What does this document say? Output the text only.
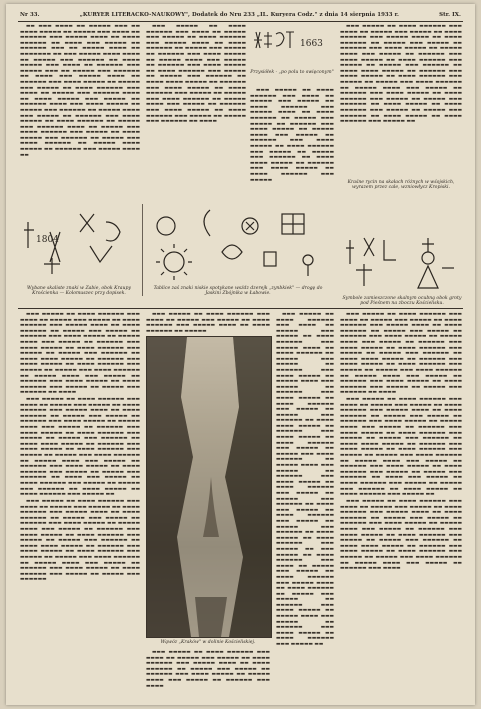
Nr 33.	„KURYER LITERACKO-NAUKOWY", Dodatek do Nru 233 „IL. Kuryera Codz." z dnia 14 sierpnia 1933 r.	Str. IX.

▬▬ ▬▬▬ ▬▬▬▬ ▬▬ ▬▬▬▬▬ ▬▬▬ ▬▬ ▬▬▬▬ ▬▬▬▬▬ ▬▬ ▬▬▬▬▬ ▬▬▬ ▬▬▬▬ ▬▬ ▬▬▬▬▬▬ ▬▬▬ ▬▬▬▬▬ ▬▬▬▬ ▬▬ ▬▬▬▬ ▬▬▬▬▬▬ ▬▬ ▬▬▬▬ ▬▬▬ ▬▬▬▬▬ ▬▬ ▬▬▬▬▬▬ ▬▬▬ ▬▬ ▬▬▬▬▬ ▬▬▬▬ ▬▬ ▬▬▬▬▬▬▬ ▬▬ ▬▬▬ ▬▬▬▬▬ ▬▬▬▬ ▬▬▬▬ ▬▬ ▬▬▬▬▬ ▬▬▬ ▬▬▬▬▬▬ ▬▬ ▬▬▬▬ ▬▬▬▬▬ ▬▬▬ ▬▬▬▬ ▬▬ ▬▬▬▬▬▬ ▬▬▬ ▬▬▬▬▬ ▬▬▬ ▬▬ ▬▬▬▬▬ ▬▬▬ ▬▬▬▬▬▬ ▬▬ ▬▬▬▬ ▬▬▬ ▬▬▬▬▬ ▬▬▬▬ ▬▬ ▬▬▬▬▬▬ ▬▬▬ ▬▬▬▬ ▬▬▬▬▬ ▬▬ ▬▬▬▬▬ ▬▬▬ ▬▬▬▬▬ ▬▬ ▬▬▬▬ ▬▬▬▬▬▬ ▬▬▬ ▬▬▬▬ ▬▬ ▬▬▬▬▬ ▬▬▬ ▬▬▬▬▬▬ ▬▬▬▬ ▬▬ ▬▬▬▬ ▬▬▬▬▬ ▬▬▬ ▬▬▬▬▬ ▬▬ ▬▬▬▬▬▬ ▬▬▬▬ ▬▬▬ ▬▬▬▬ ▬▬▬▬▬ ▬▬ ▬▬▬▬▬ ▬▬▬ ▬▬▬▬▬▬ ▬▬ ▬▬▬▬▬ ▬▬▬▬ ▬▬▬ ▬▬▬▬▬ ▬▬ ▬▬▬▬▬▬ ▬▬▬ ▬▬▬▬ ▬▬▬▬▬ ▬▬ ▬▬▬▬ ▬▬▬▬▬▬ ▬▬ ▬▬▬▬▬ ▬▬▬ ▬▬▬▬▬▬ ▬▬▬▬ ▬▬ ▬▬▬▬▬ ▬▬▬ ▬▬▬▬ ▬▬▬▬▬▬ ▬▬▬ ▬▬▬▬▬ ▬▬ ▬▬▬▬ ▬▬▬▬▬ ▬▬▬ ▬▬▬▬▬▬ ▬▬ ▬▬▬▬▬ ▬▬▬ ▬▬▬▬ ▬▬▬▬▬▬ ▬▬ ▬▬▬▬▬ ▬▬▬▬ ▬▬▬▬▬ ▬▬ ▬▬▬▬▬▬ ▬▬▬ ▬▬▬▬▬ ▬▬▬▬ ▬▬

▬▬▬ ▬▬▬▬▬ ▬▬ ▬▬▬▬ ▬▬▬▬▬▬ ▬▬▬ ▬▬▬▬ ▬▬ ▬▬▬▬▬ ▬▬▬ ▬▬▬▬▬ ▬▬ ▬▬▬▬ ▬▬▬▬▬▬ ▬▬▬ ▬▬▬▬▬ ▬▬▬▬ ▬▬ ▬▬▬▬ ▬▬▬▬▬▬ ▬▬ ▬▬▬▬▬ ▬▬▬ ▬▬▬▬▬ ▬▬ ▬▬▬▬▬▬ ▬▬▬ ▬▬▬▬ ▬▬▬▬▬ ▬▬ ▬▬▬▬▬ ▬▬▬▬ ▬▬▬ ▬▬▬▬▬ ▬▬ ▬▬▬▬▬▬ ▬▬▬ ▬▬▬▬ ▬▬▬▬▬ ▬▬ ▬▬▬▬ ▬▬▬▬▬▬ ▬▬▬ ▬▬▬▬▬ ▬▬ ▬▬▬▬▬ ▬▬▬ ▬▬▬▬▬▬ ▬▬ ▬▬▬▬ ▬▬▬▬ ▬▬▬▬▬ ▬▬ ▬▬▬▬▬▬ ▬▬▬ ▬▬▬▬ ▬▬▬▬▬ ▬▬ ▬▬▬▬ ▬▬▬▬▬▬ ▬▬▬ ▬▬▬▬▬ ▬▬ ▬▬▬▬▬ ▬▬▬ ▬▬▬▬ ▬▬▬▬▬▬ ▬▬ ▬▬▬▬▬ ▬▬▬▬ ▬▬▬ ▬▬▬▬▬ ▬▬ ▬▬▬▬▬▬ ▬▬▬ ▬▬▬▬ ▬▬▬▬▬ ▬▬ ▬▬▬▬ ▬▬▬▬▬▬ ▬▬▬ ▬▬▬▬▬ ▬▬ ▬▬▬▬▬ ▬▬▬ ▬▬▬▬▬▬ ▬▬ ▬▬▬▬

▬▬▬ ▬▬▬▬▬ ▬▬ ▬▬▬▬ ▬▬▬▬▬▬ ▬▬▬ ▬▬▬▬ ▬▬ ▬▬▬▬▬ ▬▬▬ ▬▬▬▬▬ ▬▬ ▬▬▬▬ ▬▬▬▬▬▬ ▬▬▬ ▬▬▬▬▬ ▬▬▬▬ ▬▬ ▬▬▬▬ ▬▬▬▬▬▬ ▬▬ ▬▬▬▬▬ ▬▬▬ ▬▬▬▬▬ ▬▬ ▬▬▬▬▬▬ ▬▬▬ ▬▬▬▬ ▬▬▬▬▬ ▬▬ ▬▬▬▬▬ ▬▬▬▬ ▬▬▬ ▬▬▬▬▬ ▬▬ ▬▬▬▬▬▬ ▬▬▬ ▬▬▬▬ ▬▬▬▬▬ ▬▬ ▬▬▬▬ ▬▬▬▬▬▬ ▬▬▬ ▬▬▬▬▬ ▬▬ ▬▬▬▬▬ ▬▬▬ ▬▬▬▬▬▬ ▬▬ ▬▬▬▬ ▬▬▬▬ ▬▬▬▬▬ ▬▬ ▬▬▬▬▬▬ ▬▬▬ ▬▬▬▬ ▬▬▬▬▬ ▬▬ ▬▬▬▬ ▬▬▬▬▬▬ ▬▬▬ ▬▬▬▬▬

▬▬▬ ▬▬▬▬▬ ▬▬ ▬▬▬▬ ▬▬▬▬▬▬ ▬▬▬ ▬▬▬▬ ▬▬ ▬▬▬▬▬ ▬▬▬ ▬▬▬▬▬ ▬▬ ▬▬▬▬ ▬▬▬▬▬▬ ▬▬▬ ▬▬▬▬▬ ▬▬▬▬ ▬▬ ▬▬▬▬ ▬▬▬▬▬▬ ▬▬ ▬▬▬▬▬ ▬▬▬ ▬▬▬▬▬ ▬▬ ▬▬▬▬▬▬ ▬▬▬ ▬▬▬▬ ▬▬▬▬▬ ▬▬ ▬▬▬▬▬ ▬▬▬▬ ▬▬▬ ▬▬▬▬▬ ▬▬ ▬▬▬▬▬▬ ▬▬▬ ▬▬▬▬ ▬▬▬▬▬ ▬▬ ▬▬▬▬ ▬▬▬▬▬▬ ▬▬▬ ▬▬▬▬▬ ▬▬ ▬▬▬▬▬ ▬▬▬ ▬▬▬▬▬▬ ▬▬ ▬▬▬▬ ▬▬▬▬ ▬▬▬▬▬ ▬▬ ▬▬▬▬▬▬ ▬▬▬ ▬▬▬▬ ▬▬▬▬▬ ▬▬ ▬▬▬▬ ▬▬▬▬▬▬ ▬▬▬ ▬▬▬▬▬ ▬▬ ▬▬▬▬▬ ▬▬▬ ▬▬▬▬ ▬▬▬▬▬▬ ▬▬ ▬▬▬▬▬ ▬▬▬▬ ▬▬▬ ▬▬▬▬▬ ▬▬ ▬▬▬▬▬▬ ▬▬▬ ▬▬▬▬ ▬▬▬▬▬ ▬▬ ▬▬▬▬ ▬▬▬▬▬▬ ▬▬▬ ▬▬▬▬▬ ▬▬ ▬▬▬▬▬ ▬▬▬ ▬▬▬▬▬▬ ▬▬ ▬▬▬▬ ▬▬▬▬▬ ▬▬ ▬▬▬▬ ▬▬▬▬▬▬ ▬▬▬ ▬▬▬▬▬ ▬▬ ▬▬▬▬▬ ▬▬▬ ▬▬▬▬▬▬ ▬▬ ▬▬▬▬ ▬▬▬▬▬ ▬▬ ▬▬▬▬ ▬▬▬▬▬▬ ▬▬▬ ▬▬▬▬▬ ▬▬

1663
Przysiółek - „po polu to swięconym"
1804
Wybane skaliste znaki w Zabie, obok Kraupy Krościenka — Kolomuszec przy dopisek.
Tablice zaś znaki niskie spotykane wsźdz dzerejk „zynbkiek" — drogę do Jaskini Zbójnika w Łabowie.
Symbole zamieszczone skalnym ocubną obok groty pod Pieśnem na zboczu Kościelisku.

▬▬▬ ▬▬▬▬▬ ▬▬ ▬▬▬▬ ▬▬▬▬▬▬ ▬▬▬ ▬▬▬▬ ▬▬ ▬▬▬▬▬ ▬▬▬ ▬▬▬▬▬ ▬▬ ▬▬▬▬ ▬▬▬▬▬▬ ▬▬▬ ▬▬▬▬▬ ▬▬▬▬ ▬▬ ▬▬▬▬ ▬▬▬▬▬▬ ▬▬ ▬▬▬▬▬ ▬▬▬ ▬▬▬▬▬ ▬▬ ▬▬▬▬▬▬ ▬▬▬ ▬▬▬▬ ▬▬▬▬▬ ▬▬ ▬▬▬▬▬ ▬▬▬▬ ▬▬▬ ▬▬▬▬▬ ▬▬ ▬▬▬▬▬▬ ▬▬▬ ▬▬▬▬ ▬▬▬▬▬ ▬▬ ▬▬▬▬ ▬▬▬▬▬▬ ▬▬▬ ▬▬▬▬▬ ▬▬ ▬▬▬▬▬ ▬▬▬ ▬▬▬▬▬▬ ▬▬ ▬▬▬▬ ▬▬▬▬ ▬▬▬▬▬ ▬▬ ▬▬▬▬▬▬ ▬▬▬ ▬▬▬▬ ▬▬▬▬▬ ▬▬ ▬▬▬▬ ▬▬▬▬▬▬ ▬▬▬ ▬▬▬▬▬ ▬▬ ▬▬▬▬▬ ▬▬▬ ▬▬▬▬ ▬▬▬▬▬▬ ▬▬ ▬▬▬▬▬ ▬▬▬▬ ▬▬▬ ▬▬▬▬▬ ▬▬ ▬▬▬▬▬▬ ▬▬▬ ▬▬▬▬ ▬▬▬▬▬ ▬▬ ▬▬▬▬ ▬▬▬▬▬▬ ▬▬▬ ▬▬▬▬▬ ▬▬ ▬▬▬▬▬ ▬▬▬ ▬▬▬▬▬▬ ▬▬ ▬▬▬▬

▬▬▬ ▬▬▬▬▬ ▬▬ ▬▬▬▬ ▬▬▬▬▬▬ ▬▬▬ ▬▬▬▬ ▬▬ ▬▬▬▬▬ ▬▬▬ ▬▬▬▬▬ ▬▬ ▬▬▬▬ ▬▬▬▬▬▬ ▬▬▬ ▬▬▬▬▬ ▬▬▬▬ ▬▬ ▬▬▬▬ ▬▬▬▬▬▬ ▬▬ ▬▬▬▬▬ ▬▬▬ ▬▬▬▬▬ ▬▬ ▬▬▬▬▬▬ ▬▬▬ ▬▬▬▬ ▬▬▬▬▬ ▬▬ ▬▬▬▬▬ ▬▬▬▬ ▬▬▬ ▬▬▬▬▬ ▬▬ ▬▬▬▬▬▬ ▬▬▬ ▬▬▬▬ ▬▬▬▬▬ ▬▬ ▬▬▬▬ ▬▬▬▬▬▬ ▬▬▬ ▬▬▬▬▬ ▬▬ ▬▬▬▬▬ ▬▬▬ ▬▬▬▬▬▬ ▬▬ ▬▬▬▬ ▬▬▬▬ ▬▬▬▬▬ ▬▬ ▬▬▬▬▬▬ ▬▬▬ ▬▬▬▬ ▬▬▬▬▬ ▬▬ ▬▬▬▬ ▬▬▬▬▬▬ ▬▬▬ ▬▬▬▬▬ ▬▬ ▬▬▬▬▬ ▬▬▬ ▬▬▬▬ ▬▬▬▬▬▬ ▬▬ ▬▬▬▬▬ ▬▬▬▬ ▬▬▬ ▬▬▬▬▬ ▬▬ ▬▬▬▬▬▬ ▬▬▬ ▬▬▬▬ ▬▬▬▬▬ ▬▬ ▬▬▬▬ ▬▬▬▬▬▬ ▬▬▬ ▬▬▬▬▬ ▬▬ ▬▬▬▬▬ ▬▬▬ ▬▬▬▬▬▬ ▬▬ ▬▬▬▬ ▬▬▬ ▬▬▬▬▬ ▬▬ ▬▬▬▬ ▬▬▬▬▬▬ ▬▬▬ ▬▬▬▬▬ ▬▬ ▬▬▬▬▬ ▬▬▬ ▬▬▬▬▬▬ ▬▬ ▬▬▬▬ ▬▬▬▬▬ ▬▬ ▬▬▬▬ ▬▬▬▬▬▬ ▬▬▬ ▬▬▬▬▬ ▬▬

▬▬▬ ▬▬▬▬▬ ▬▬ ▬▬▬▬ ▬▬▬▬▬▬ ▬▬▬ ▬▬▬▬ ▬▬ ▬▬▬▬▬ ▬▬▬ ▬▬▬▬▬ ▬▬ ▬▬▬▬ ▬▬▬▬▬▬ ▬▬▬ ▬▬▬▬▬ ▬▬▬▬ ▬▬ ▬▬▬▬ ▬▬▬▬▬▬ ▬▬ ▬▬▬▬▬ ▬▬▬ ▬▬▬▬▬ ▬▬ ▬▬▬▬▬▬ ▬▬▬ ▬▬▬▬ ▬▬▬▬▬ ▬▬ ▬▬▬▬▬ ▬▬▬▬ ▬▬▬ ▬▬▬▬▬ ▬▬ ▬▬▬▬▬▬ ▬▬▬ ▬▬▬▬ ▬▬▬▬▬ ▬▬ ▬▬▬▬ ▬▬▬▬▬▬ ▬▬▬ ▬▬▬▬▬ ▬▬ ▬▬▬▬▬ ▬▬▬ ▬▬▬▬▬▬ ▬▬ ▬▬▬▬ ▬▬▬▬ ▬▬▬▬▬ ▬▬ ▬▬▬▬▬▬ ▬▬▬ ▬▬▬▬ ▬▬▬▬▬ ▬▬ ▬▬▬▬ ▬▬▬▬▬▬ ▬▬▬ ▬▬▬▬▬ ▬▬ ▬▬▬▬▬ ▬▬▬ ▬▬▬▬ ▬▬▬▬▬▬ ▬▬ ▬▬▬▬▬ ▬▬▬▬ ▬▬▬ ▬▬▬▬▬ ▬▬ ▬▬▬▬▬▬ ▬▬▬ ▬▬▬▬ ▬▬▬▬▬ ▬▬ ▬▬▬▬ ▬▬▬▬▬▬ ▬▬▬ ▬▬▬▬▬ ▬▬ ▬▬▬▬▬ ▬▬▬ ▬▬▬▬▬▬

▬▬▬ ▬▬▬▬▬ ▬▬ ▬▬▬▬ ▬▬▬▬▬▬ ▬▬▬ ▬▬▬▬ ▬▬ ▬▬▬▬▬ ▬▬▬ ▬▬▬▬▬ ▬▬ ▬▬▬▬ ▬▬▬▬▬▬ ▬▬▬ ▬▬▬▬▬ ▬▬▬▬ ▬▬ ▬▬▬▬ ▬▬▬▬▬▬ ▬▬ ▬▬▬▬▬

Wąwóz „Kraków" w dolinie Kościeliskiej.

▬▬▬ ▬▬▬▬▬ ▬▬ ▬▬▬▬ ▬▬▬▬▬▬ ▬▬▬ ▬▬▬▬ ▬▬ ▬▬▬▬▬ ▬▬▬ ▬▬▬▬▬ ▬▬ ▬▬▬▬ ▬▬▬▬▬▬ ▬▬▬ ▬▬▬▬▬ ▬▬▬▬ ▬▬ ▬▬▬▬ ▬▬▬▬▬▬ ▬▬ ▬▬▬▬▬ ▬▬▬ ▬▬▬▬▬ ▬▬ ▬▬▬▬▬▬ ▬▬▬ ▬▬▬▬ ▬▬▬▬▬ ▬▬ ▬▬▬▬▬ ▬▬▬▬ ▬▬▬ ▬▬▬▬▬ ▬▬ ▬▬▬▬▬▬ ▬▬▬ ▬▬▬▬

▬▬▬ ▬▬▬▬▬ ▬▬ ▬▬▬▬ ▬▬▬▬▬▬ ▬▬▬ ▬▬▬▬ ▬▬ ▬▬▬▬▬ ▬▬▬ ▬▬▬▬▬ ▬▬ ▬▬▬▬ ▬▬▬▬▬▬ ▬▬▬ ▬▬▬▬▬ ▬▬▬▬ ▬▬ ▬▬▬▬ ▬▬▬▬▬▬ ▬▬ ▬▬▬▬▬ ▬▬▬ ▬▬▬▬▬ ▬▬ ▬▬▬▬▬▬ ▬▬▬ ▬▬▬▬ ▬▬▬▬▬ ▬▬ ▬▬▬▬▬ ▬▬▬▬ ▬▬▬ ▬▬▬▬▬ ▬▬ ▬▬▬▬▬▬ ▬▬▬ ▬▬▬▬ ▬▬▬▬▬ ▬▬ ▬▬▬▬ ▬▬▬▬▬▬ ▬▬▬ ▬▬▬▬▬ ▬▬ ▬▬▬▬▬ ▬▬▬ ▬▬▬▬▬▬ ▬▬ ▬▬▬▬ ▬▬▬▬ ▬▬▬▬▬ ▬▬ ▬▬▬▬▬▬ ▬▬▬ ▬▬▬▬ ▬▬▬▬▬ ▬▬ ▬▬▬▬ ▬▬▬▬▬▬ ▬▬▬ ▬▬▬▬▬ ▬▬ ▬▬▬▬▬ ▬▬▬ ▬▬▬▬ ▬▬▬▬▬▬ ▬▬ ▬▬▬▬▬ ▬▬▬▬ ▬▬▬ ▬▬▬▬▬ ▬▬ ▬▬▬▬▬▬ ▬▬▬ ▬▬▬▬ ▬▬▬▬▬ ▬▬ ▬▬▬▬ ▬▬▬▬▬▬ ▬▬▬ ▬▬▬▬▬ ▬▬ ▬▬▬▬▬ ▬▬▬ ▬▬▬▬▬▬ ▬▬ ▬▬▬▬ ▬▬▬ ▬▬▬▬▬ ▬▬ ▬▬▬▬ ▬▬▬▬▬▬ ▬▬▬ ▬▬▬▬▬ ▬▬ ▬▬▬▬▬ ▬▬▬ ▬▬▬▬▬▬ ▬▬ ▬▬▬▬ ▬▬▬▬▬ ▬▬ ▬▬▬▬ ▬▬▬▬▬▬ ▬▬▬ ▬▬▬▬▬ ▬▬ ▬▬▬ ▬▬▬▬▬ ▬▬ ▬▬▬▬ ▬▬▬▬▬▬ ▬▬▬ ▬▬▬▬ ▬▬ ▬▬▬▬▬ ▬▬▬ ▬▬▬▬▬ ▬▬ ▬▬▬▬ ▬▬▬▬▬▬ ▬▬▬ ▬▬▬▬▬ ▬▬▬▬ ▬▬ ▬▬▬▬ ▬▬▬▬▬▬ ▬▬ ▬▬▬▬▬ ▬▬▬ ▬▬▬▬▬ ▬▬ ▬▬▬▬▬▬ ▬▬▬ ▬▬▬▬ ▬▬▬▬▬ ▬▬ ▬▬▬▬▬ ▬▬▬▬ ▬▬▬ ▬▬▬▬▬ ▬▬ ▬▬▬▬▬▬ ▬▬▬ ▬▬▬▬ ▬▬▬▬▬ ▬▬ ▬▬▬▬ ▬▬▬▬▬▬ ▬▬▬ ▬▬▬▬▬ ▬▬

▬▬▬ ▬▬▬▬▬ ▬▬ ▬▬▬▬ ▬▬▬▬▬▬ ▬▬▬ ▬▬▬▬ ▬▬ ▬▬▬▬▬ ▬▬▬ ▬▬▬▬▬ ▬▬ ▬▬▬▬ ▬▬▬▬▬▬ ▬▬▬ ▬▬▬▬▬ ▬▬▬▬ ▬▬ ▬▬▬▬ ▬▬▬▬▬▬ ▬▬ ▬▬▬▬▬ ▬▬▬ ▬▬▬▬▬ ▬▬ ▬▬▬▬▬▬ ▬▬▬ ▬▬▬▬ ▬▬▬▬▬ ▬▬ ▬▬▬▬▬ ▬▬▬▬ ▬▬▬ ▬▬▬▬▬ ▬▬ ▬▬▬▬▬▬ ▬▬▬ ▬▬▬▬ ▬▬▬▬▬ ▬▬ ▬▬▬▬ ▬▬▬▬▬▬ ▬▬▬ ▬▬▬▬▬ ▬▬ ▬▬▬▬▬ ▬▬▬ ▬▬▬▬▬▬ ▬▬ ▬▬▬▬ ▬▬▬▬ ▬▬▬▬▬ ▬▬ ▬▬▬▬▬▬ ▬▬▬ ▬▬▬▬ ▬▬▬▬▬ ▬▬ ▬▬▬▬ ▬▬▬▬▬▬ ▬▬▬ ▬▬▬▬▬ ▬▬ ▬▬▬▬▬ ▬▬▬ ▬▬▬▬ ▬▬▬▬▬▬ ▬▬ ▬▬▬▬▬ ▬▬▬▬ ▬▬▬ ▬▬▬▬▬ ▬▬ ▬▬▬▬▬▬ ▬▬▬ ▬▬▬▬ ▬▬▬▬▬ ▬▬ ▬▬▬▬ ▬▬▬▬▬▬ ▬▬▬ ▬▬▬▬▬ ▬▬ ▬▬▬▬▬ ▬▬▬ ▬▬▬▬▬▬ ▬▬ ▬▬▬▬

▬▬▬ ▬▬▬▬▬ ▬▬ ▬▬▬▬ ▬▬▬▬▬▬ ▬▬▬ ▬▬▬▬ ▬▬ ▬▬▬▬▬ ▬▬▬ ▬▬▬▬▬ ▬▬ ▬▬▬▬ ▬▬▬▬▬▬ ▬▬▬ ▬▬▬▬▬ ▬▬▬▬ ▬▬ ▬▬▬▬ ▬▬▬▬▬▬ ▬▬ ▬▬▬▬▬ ▬▬▬ ▬▬▬▬▬ ▬▬ ▬▬▬▬▬▬ ▬▬▬ ▬▬▬▬ ▬▬▬▬▬ ▬▬ ▬▬▬▬▬ ▬▬▬▬ ▬▬▬ ▬▬▬▬▬ ▬▬ ▬▬▬▬▬▬ ▬▬▬ ▬▬▬▬ ▬▬▬▬▬ ▬▬ ▬▬▬▬ ▬▬▬▬▬▬ ▬▬▬ ▬▬▬▬▬ ▬▬ ▬▬▬▬▬ ▬▬▬ ▬▬▬▬▬▬ ▬▬ ▬▬▬▬ ▬▬▬▬ ▬▬▬▬▬ ▬▬ ▬▬▬▬▬▬ ▬▬▬ ▬▬▬▬ ▬▬▬▬▬ ▬▬ ▬▬▬▬ ▬▬▬▬▬▬ ▬▬▬ ▬▬▬▬▬ ▬▬ ▬▬▬▬▬ ▬▬▬ ▬▬▬▬ ▬▬▬▬▬▬ ▬▬ ▬▬▬▬▬ ▬▬▬▬ ▬▬▬ ▬▬▬▬▬ ▬▬ ▬▬▬▬▬▬ ▬▬▬ ▬▬▬▬ ▬▬▬▬▬ ▬▬ ▬▬▬▬ ▬▬▬▬▬▬ ▬▬▬ ▬▬▬▬▬ ▬▬ ▬▬▬▬▬ ▬▬▬ ▬▬▬▬▬▬ ▬▬ ▬▬▬▬ ▬▬▬ ▬▬▬▬▬ ▬▬ ▬▬▬▬ ▬▬▬▬▬▬ ▬▬▬ ▬▬▬▬▬ ▬▬ ▬▬▬▬▬ ▬▬▬ ▬▬▬▬▬▬ ▬▬ ▬▬▬▬ ▬▬▬▬▬ ▬▬ ▬▬▬▬ ▬▬▬▬▬▬ ▬▬▬ ▬▬▬▬▬ ▬▬

▬▬▬ ▬▬▬▬▬ ▬▬ ▬▬▬▬ ▬▬▬▬▬▬ ▬▬▬ ▬▬▬▬ ▬▬ ▬▬▬▬▬ ▬▬▬ ▬▬▬▬▬ ▬▬ ▬▬▬▬ ▬▬▬▬▬▬ ▬▬▬ ▬▬▬▬▬ ▬▬▬▬ ▬▬ ▬▬▬▬ ▬▬▬▬▬▬ ▬▬ ▬▬▬▬▬ ▬▬▬ ▬▬▬▬▬ ▬▬ ▬▬▬▬▬▬ ▬▬▬ ▬▬▬▬ ▬▬▬▬▬ ▬▬ ▬▬▬▬▬ ▬▬▬▬ ▬▬▬ ▬▬▬▬▬ ▬▬ ▬▬▬▬▬▬ ▬▬▬ ▬▬▬▬ ▬▬▬▬▬ ▬▬ ▬▬▬▬ ▬▬▬▬▬▬ ▬▬▬ ▬▬▬▬▬ ▬▬ ▬▬▬▬▬ ▬▬▬ ▬▬▬▬▬▬ ▬▬ ▬▬▬▬ ▬▬▬▬ ▬▬▬▬▬ ▬▬ ▬▬▬▬▬▬ ▬▬▬ ▬▬▬▬ ▬▬▬▬▬ ▬▬ ▬▬▬▬ ▬▬▬▬▬▬ ▬▬▬ ▬▬▬▬▬ ▬▬ ▬▬▬▬▬ ▬▬▬ ▬▬▬▬ ▬▬▬▬▬▬ ▬▬ ▬▬▬▬▬ ▬▬▬▬ ▬▬▬ ▬▬▬▬▬ ▬▬ ▬▬▬▬▬▬ ▬▬▬ ▬▬▬▬

Kraśne rycin na skałach różnych w wśojskich, wyrazem przez cale, wzniowłycz Kropiski.
